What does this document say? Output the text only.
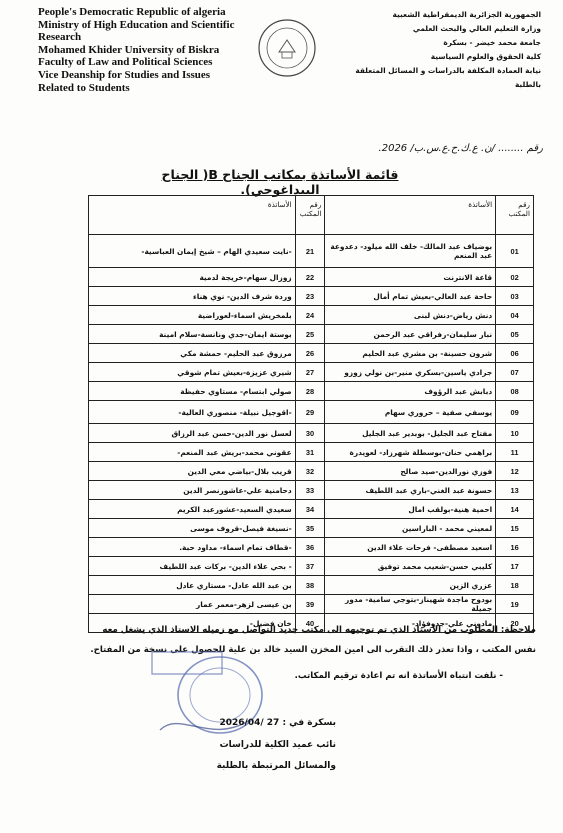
People's Democratic Republic of algeria
Ministry of High Education and Scientific
Research
Mohamed Khider University of Biskra
Faculty of Law and Political Sciences
Vice Deanship for Studies and Issues
Related to Students
الجمهورية الجزائرية الديمقراطية الشعبية
وزارة التعليم العالي والبحث العلمي
جامعة محمد خيضر - بسكرة
كلية الحقوق والعلوم السياسية
نيابة العمادة المكلفة بالدراسات و المسائل المتعلقة
بالطلبة
رقم ........ /ن. ع.ك.ح.ع.س.ب/ 2026.
قائمة الأساتذة بمكاتب الجناح B( الجناح البيداغوجي).
رقم المكتب	الأساتذة	رقم المكتب	الأساتذة
01	بوضياف عبد المالك- خلف الله ميلود- دعدوعة عبد المنعم	21	-نايت سعيدي الهام – شيخ إيمان العباسية-
02	قاعة الانترنت	22	زوزال سهام-خريجة لدمية
03	حاحة عبد العالي-بعيش تمام أمال	23	وردة شرف الدين- نوي هناء
04	دنش رياض-دنش لبنى	24	بلمخريش اسماء-لعوراضية
05	نبار سليمان-رفراقي عبد الرحمن	25	بوستة ايمان-جدي ونانسة-سلام امينة
06	شرون حسينة- بن مشري عبد الحليم	26	مرزوق عبد الحليم- حمشة مكي
07	جرادي ياسين-بسكري منير-بن نولي زوزو	27	شيري عزيزة-بعيش تمام شوقي
08	دبابش عبد الرؤوف	28	صولي ابتسام- مستاوي حفيظة
09	يوسفي صفية – حروري سهام	29	-اقوجيل نبيلة- منصوري العالية-
10	مفتاح عبد الجليل- بوبدير عبد الجليل	30	لعسل نور الدين-حسن عبد الرزاق
11	براهمي حنان-بوسطلة شهرزاد- لعويدرة	31	عقوني محمد-بريش عبد المنعم-
12	فوزي نورالدين-صيد صالح	32	قريب بلال-بياضي معي الدين
13	حسونة عبد الغني-باري عبد اللطيف	33	دحامنية علي-عاشورنصر الدين
14	احمية هنية-بولقب امال	34	سعيدي السعيد-عشورعبد الكريم
15	لمعيني محمد - الباراسين	35	-نسيغة فيصل-قروف موسى
16	اسعيد مصطفى- فرحات علاء الدين	36	-قطاف تمام اسماء- مداود حبة.
17	كليبي حسن-شعيب محمد توفيق	37	- بحي علاء الدين- بركات عبد اللطيف
18	عزري الزين	38	بن عبد الله عادل- مستاري عادل
19	بودوح ماجدة شهيناز-بتوجي سامية- مدور جميلة	39	بن عيسى لزهر-معمر عمار
20	مادوني علي-جدوفؤاد-	40	خان فضيل-
ملاحظة: المطلوب من الأستاذ الذي تم توجيهه الى مكتب جديد التواصل مع زميله الاستاذ الذي يشغل معه
نفس المكتب ، واذا تعذر ذلك التقرب الى امين المخزن السيد خالد بن علية للحصول على نسخة من المفتاح.
- نلفت انتباه الأساتذة انه تم اعادة ترقيم المكاتب.
بسكرة في : 27 /2026/04
نائب عميد الكلية للدراسات
والمسائل المرتبطة بالطلبة
